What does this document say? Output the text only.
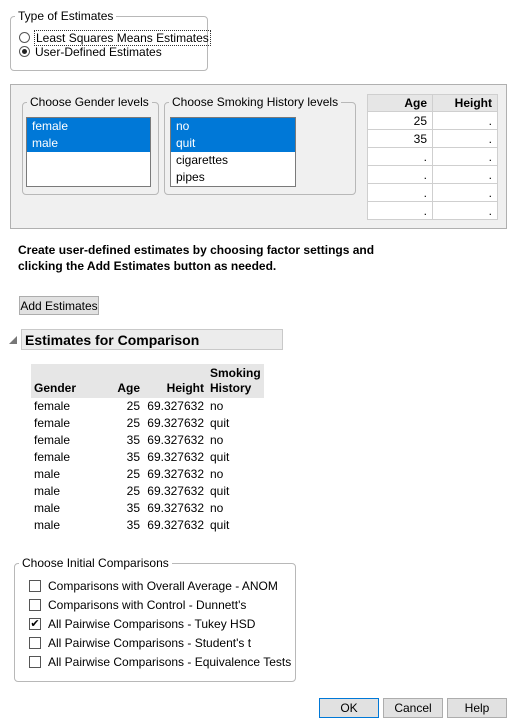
Type of Estimates
Least Squares Means Estimates
User-Defined Estimates
Choose Gender levels
female
male
Choose Smoking History levels
no
quit
cigarettes
pipes
Age	Height
25	.
35	.
.	.
.	.
.	.
.	.
Create user-defined estimates by choosing factor settings and
clicking the Add Estimates button as needed.
Add Estimates
Estimates for Comparison
Gender	Age	Height	Smoking
History

female	25	69.327632	no
female	25	69.327632	quit
female	35	69.327632	no
female	35	69.327632	quit
male	25	69.327632	no
male	25	69.327632	quit
male	35	69.327632	no
male	35	69.327632	quit
Choose Initial Comparisons
Comparisons with Overall Average - ANOM
Comparisons with Control - Dunnett's
✔ All Pairwise Comparisons - Tukey HSD
All Pairwise Comparisons - Student's t
All Pairwise Comparisons - Equivalence Tests
OK	Cancel	Help
